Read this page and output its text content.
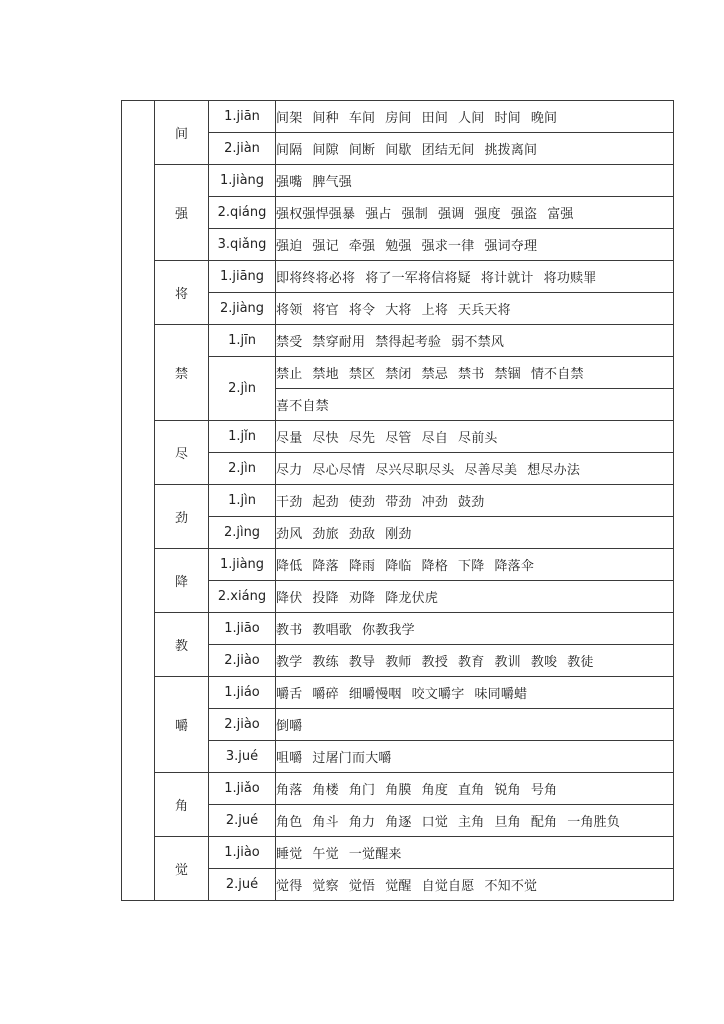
	间	1.jiān	间架 间种 车间 房间 田间 人间 时间 晚间
		2.jiàn	间隔 间隙 间断 间歇 团结无间 挑拨离间
	强	1.jiàng	强嘴 脾气强
		2.qiáng	强权强悍强暴 强占 强制 强调 强度 强盗 富强
		3.qiǎng	强迫 强记 牵强 勉强 强求一律 强词夺理
	将	1.jiāng	即将终将必将 将了一军将信将疑 将计就计 将功赎罪
		2.jiàng	将领 将官 将令 大将 上将 天兵天将
	禁	1.jīn	禁受 禁穿耐用 禁得起考验 弱不禁风
		2.jìn	禁止 禁地 禁区 禁闭 禁忌 禁书 禁锢 情不自禁
			喜不自禁
	尽	1.jǐn	尽量 尽快 尽先 尽管 尽自 尽前头
		2.jìn	尽力 尽心尽情 尽兴尽职尽头 尽善尽美 想尽办法
	劲	1.jìn	干劲 起劲 使劲 带劲 冲劲 鼓劲
		2.jìng	劲风 劲旅 劲敌 刚劲
	降	1.jiàng	降低 降落 降雨 降临 降格 下降 降落伞
		2.xiáng	降伏 投降 劝降 降龙伏虎
	教	1.jiāo	教书 教唱歌 你教我学
		2.jiào	教学 教练 教导 教师 教授 教育 教训 教唆 教徒
	嚼	1.jiáo	嚼舌 嚼碎 细嚼慢咽 咬文嚼字 味同嚼蜡
		2.jiào	倒嚼
		3.jué	咀嚼 过屠门而大嚼
	角	1.jiǎo	角落 角楼 角门 角膜 角度 直角 锐角 号角
		2.jué	角色 角斗 角力 角逐 口觉 主角 旦角 配角 一角胜负
	觉	1.jiào	睡觉 午觉 一觉醒来
		2.jué	觉得 觉察 觉悟 觉醒 自觉自愿 不知不觉
